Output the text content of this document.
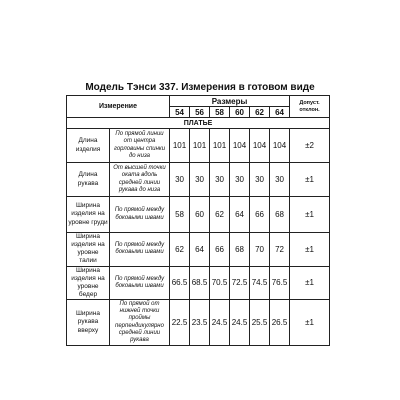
Модель Тэнси 337. Измерения в готовом виде
Измерение		Размеры						Допуст. отклон.
		54	56	58	60	62	64	
ПЛАТЬЕ								
Длина изделия	По прямой линии от центра горловины спинки до низа	101	101	101	104	104	104	±2
Длина рукава	От высшей точки оката вдоль средней линии рукава до низа	30	30	30	30	30	30	±1
Ширина изделия на уровне груди	По прямой между боковыми швами	58	60	62	64	66	68	±1
Ширина изделия на уровне талии	По прямой между боковыми швами	62	64	66	68	70	72	±1
Ширина изделия на уровне бедер	По прямой между боковыми швами	66.5	68.5	70.5	72.5	74.5	76.5	±1
Ширина рукава вверху	По прямой от нижней точки проймы перпендикулярно средней линии рукава	22.5	23.5	24.5	24.5	25.5	26.5	±1
